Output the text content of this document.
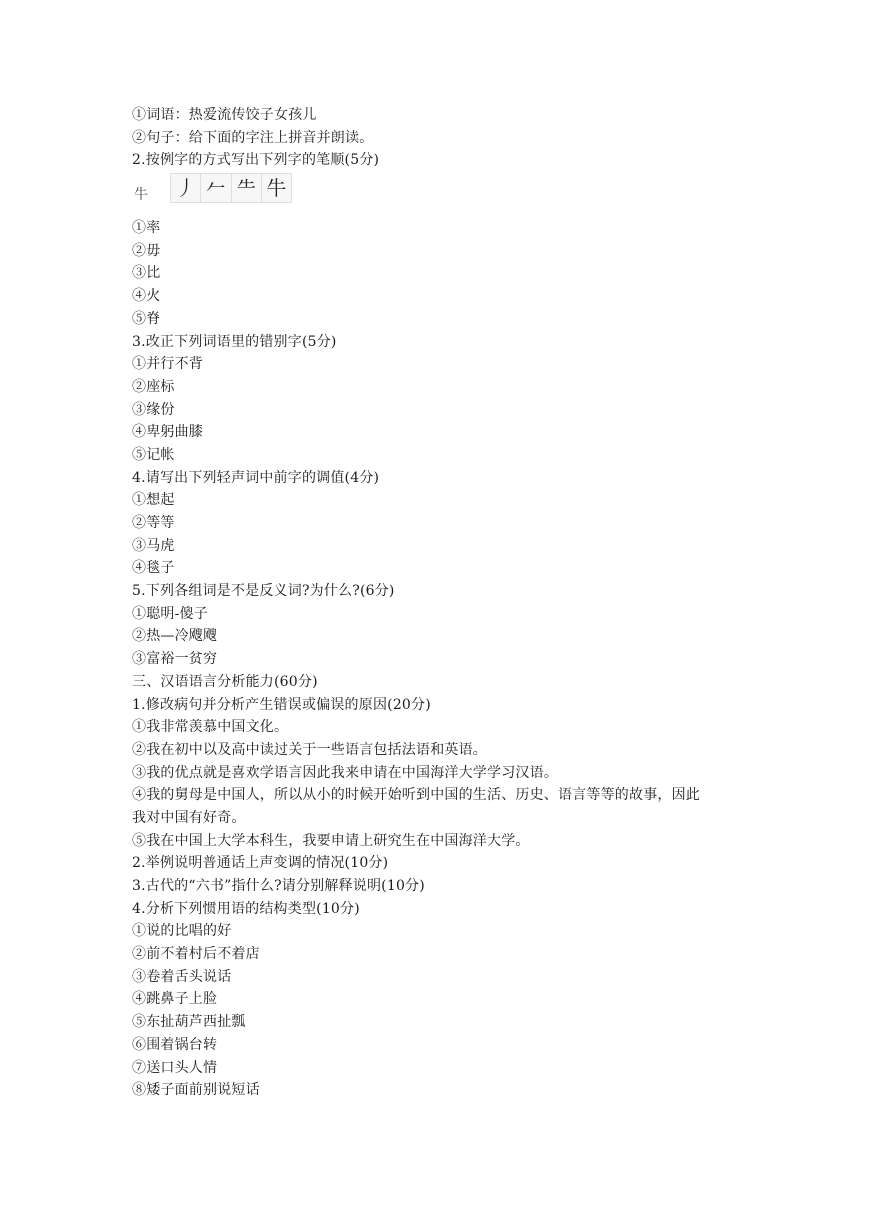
①词语：热爱流传饺子女孩儿
②句子：给下面的字注上拼音并朗读。
2.按例字的方式写出下列字的笔顺(5分)
牛 丿 𠂉 ⺧ 牛
①率
②毋
③比
④火
⑤脊
3.改正下列词语里的错别字(5分)
①并行不背
②座标
③缘份
④卑躬曲膝
⑤记帐
4.请写出下列轻声词中前字的调值(4分)
①想起
②等等
③马虎
④毯子
5.下列各组词是不是反义词?为什么?(6分)
①聪明-傻子
②热—冷飕飕
③富裕一贫穷
三、汉语语言分析能力(60分)
1.修改病句并分析产生错误或偏误的原因(20分)
①我非常羡慕中国文化。
②我在初中以及高中读过关于一些语言包括法语和英语。
③我的优点就是喜欢学语言因此我来申请在中国海洋大学学习汉语。
④我的舅母是中国人，所以从小的时候开始听到中国的生活、历史、语言等等的故事，因此
我对中国有好奇。
⑤我在中国上大学本科生，我要申请上研究生在中国海洋大学。
2.举例说明普通话上声变调的情况(10分)
3.古代的“六书”指什么?请分别解释说明(10分)
4.分析下列惯用语的结构类型(10分)
①说的比唱的好
②前不着村后不着店
③卷着舌头说话
④跳鼻子上脸
⑤东扯葫芦西扯瓢
⑥围着锅台转
⑦送口头人情
⑧矮子面前别说短话
